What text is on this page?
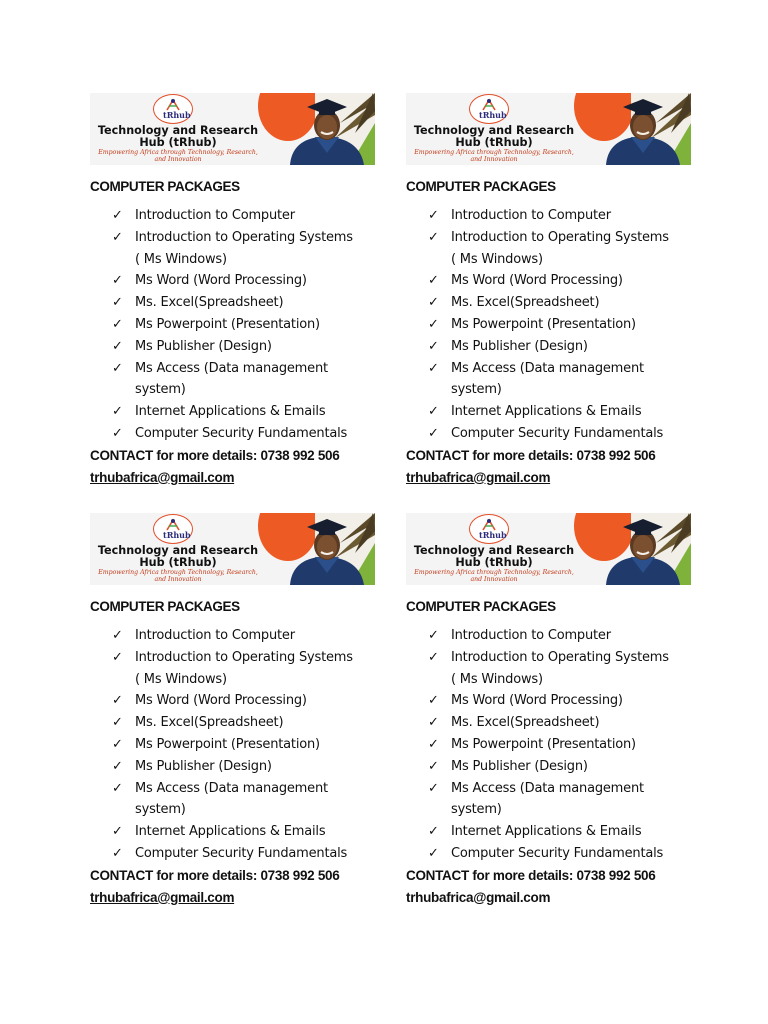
tRhub
Technology and Research Hub (tRhub)
Empowering Africa through Technology, Research, and Innovation
COMPUTER PACKAGES
✓ Introduction to Computer
✓ Introduction to Operating Systems
( Ms Windows)
✓ Ms Word (Word Processing)
✓ Ms. Excel(Spreadsheet)
✓ Ms Powerpoint (Presentation)
✓ Ms Publisher (Design)
✓ Ms Access (Data management
system)
✓ Internet Applications & Emails
✓ Computer Security Fundamentals
CONTACT for more details: 0738 992 506
trhubafrica@gmail.com
tRhub
Technology and Research Hub (tRhub)
Empowering Africa through Technology, Research, and Innovation
COMPUTER PACKAGES
✓ Introduction to Computer
✓ Introduction to Operating Systems
( Ms Windows)
✓ Ms Word (Word Processing)
✓ Ms. Excel(Spreadsheet)
✓ Ms Powerpoint (Presentation)
✓ Ms Publisher (Design)
✓ Ms Access (Data management
system)
✓ Internet Applications & Emails
✓ Computer Security Fundamentals
CONTACT for more details: 0738 992 506
trhubafrica@gmail.com
tRhub
Technology and Research Hub (tRhub)
Empowering Africa through Technology, Research, and Innovation
COMPUTER PACKAGES
✓ Introduction to Computer
✓ Introduction to Operating Systems
( Ms Windows)
✓ Ms Word (Word Processing)
✓ Ms. Excel(Spreadsheet)
✓ Ms Powerpoint (Presentation)
✓ Ms Publisher (Design)
✓ Ms Access (Data management
system)
✓ Internet Applications & Emails
✓ Computer Security Fundamentals
CONTACT for more details: 0738 992 506
trhubafrica@gmail.com
tRhub
Technology and Research Hub (tRhub)
Empowering Africa through Technology, Research, and Innovation
COMPUTER PACKAGES
✓ Introduction to Computer
✓ Introduction to Operating Systems
( Ms Windows)
✓ Ms Word (Word Processing)
✓ Ms. Excel(Spreadsheet)
✓ Ms Powerpoint (Presentation)
✓ Ms Publisher (Design)
✓ Ms Access (Data management
system)
✓ Internet Applications & Emails
✓ Computer Security Fundamentals
CONTACT for more details: 0738 992 506
trhubafrica@gmail.com
